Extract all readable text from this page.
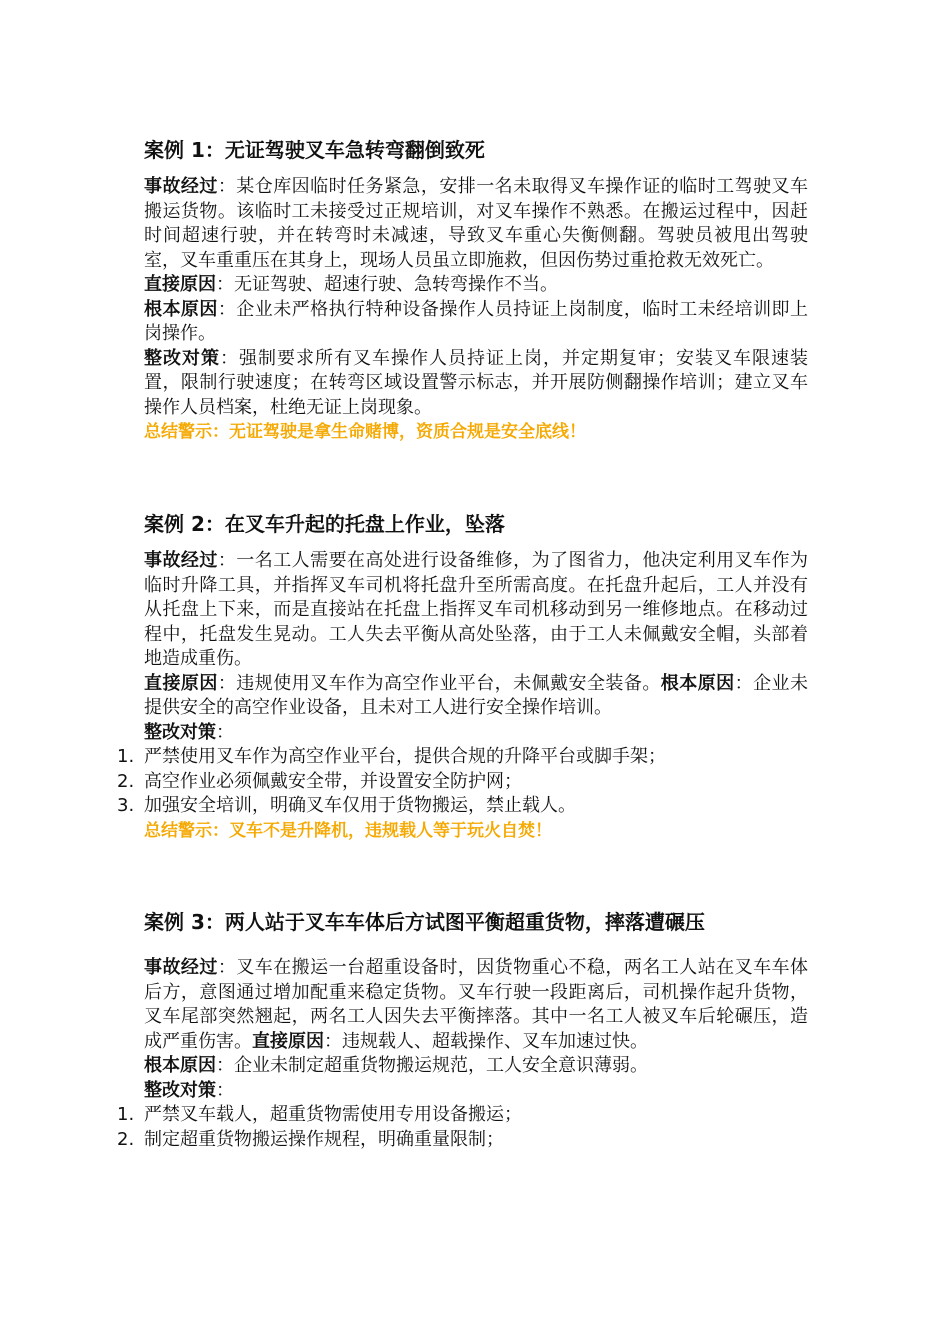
案例 1：无证驾驶叉车急转弯翻倒致死

事故经过：某仓库因临时任务紧急，安排一名未取得叉车操作证的临时工驾驶叉车搬运货物。该临时工未接受过正规培训，对叉车操作不熟悉。在搬运过程中，因赶时间超速行驶，并在转弯时未减速，导致叉车重心失衡侧翻。驾驶员被甩出驾驶室，叉车重重压在其身上，现场人员虽立即施救，但因伤势过重抢救无效死亡。

直接原因：无证驾驶、超速行驶、急转弯操作不当。

根本原因：企业未严格执行特种设备操作人员持证上岗制度，临时工未经培训即上岗操作。

整改对策：强制要求所有叉车操作人员持证上岗，并定期复审；安装叉车限速装置，限制行驶速度；在转弯区域设置警示标志，并开展防侧翻操作培训；建立叉车操作人员档案，杜绝无证上岗现象。

总结警示：无证驾驶是拿生命赌博，资质合规是安全底线！

案例 2：在叉车升起的托盘上作业，坠落

事故经过：一名工人需要在高处进行设备维修，为了图省力，他决定利用叉车作为临时升降工具，并指挥叉车司机将托盘升至所需高度。在托盘升起后，工人并没有从托盘上下来，而是直接站在托盘上指挥叉车司机移动到另一维修地点。在移动过程中，托盘发生晃动。工人失去平衡从高处坠落，由于工人未佩戴安全帽，头部着地造成重伤。

直接原因：违规使用叉车作为高空作业平台，未佩戴安全装备。根本原因：企业未提供安全的高空作业设备，且未对工人进行安全操作培训。

整改对策：

1. 严禁使用叉车作为高空作业平台，提供合规的升降平台或脚手架；
2. 高空作业必须佩戴安全带，并设置安全防护网；
3. 加强安全培训，明确叉车仅用于货物搬运，禁止载人。

总结警示：叉车不是升降机，违规载人等于玩火自焚！

案例 3：两人站于叉车车体后方试图平衡超重货物，摔落遭碾压

事故经过：叉车在搬运一台超重设备时，因货物重心不稳，两名工人站在叉车车体后方，意图通过增加配重来稳定货物。叉车行驶一段距离后，司机操作起升货物，叉车尾部突然翘起，两名工人因失去平衡摔落。其中一名工人被叉车后轮碾压，造成严重伤害。直接原因：违规载人、超载操作、叉车加速过快。

根本原因：企业未制定超重货物搬运规范，工人安全意识薄弱。

整改对策：

1. 严禁叉车载人，超重货物需使用专用设备搬运；
2. 制定超重货物搬运操作规程，明确重量限制；
